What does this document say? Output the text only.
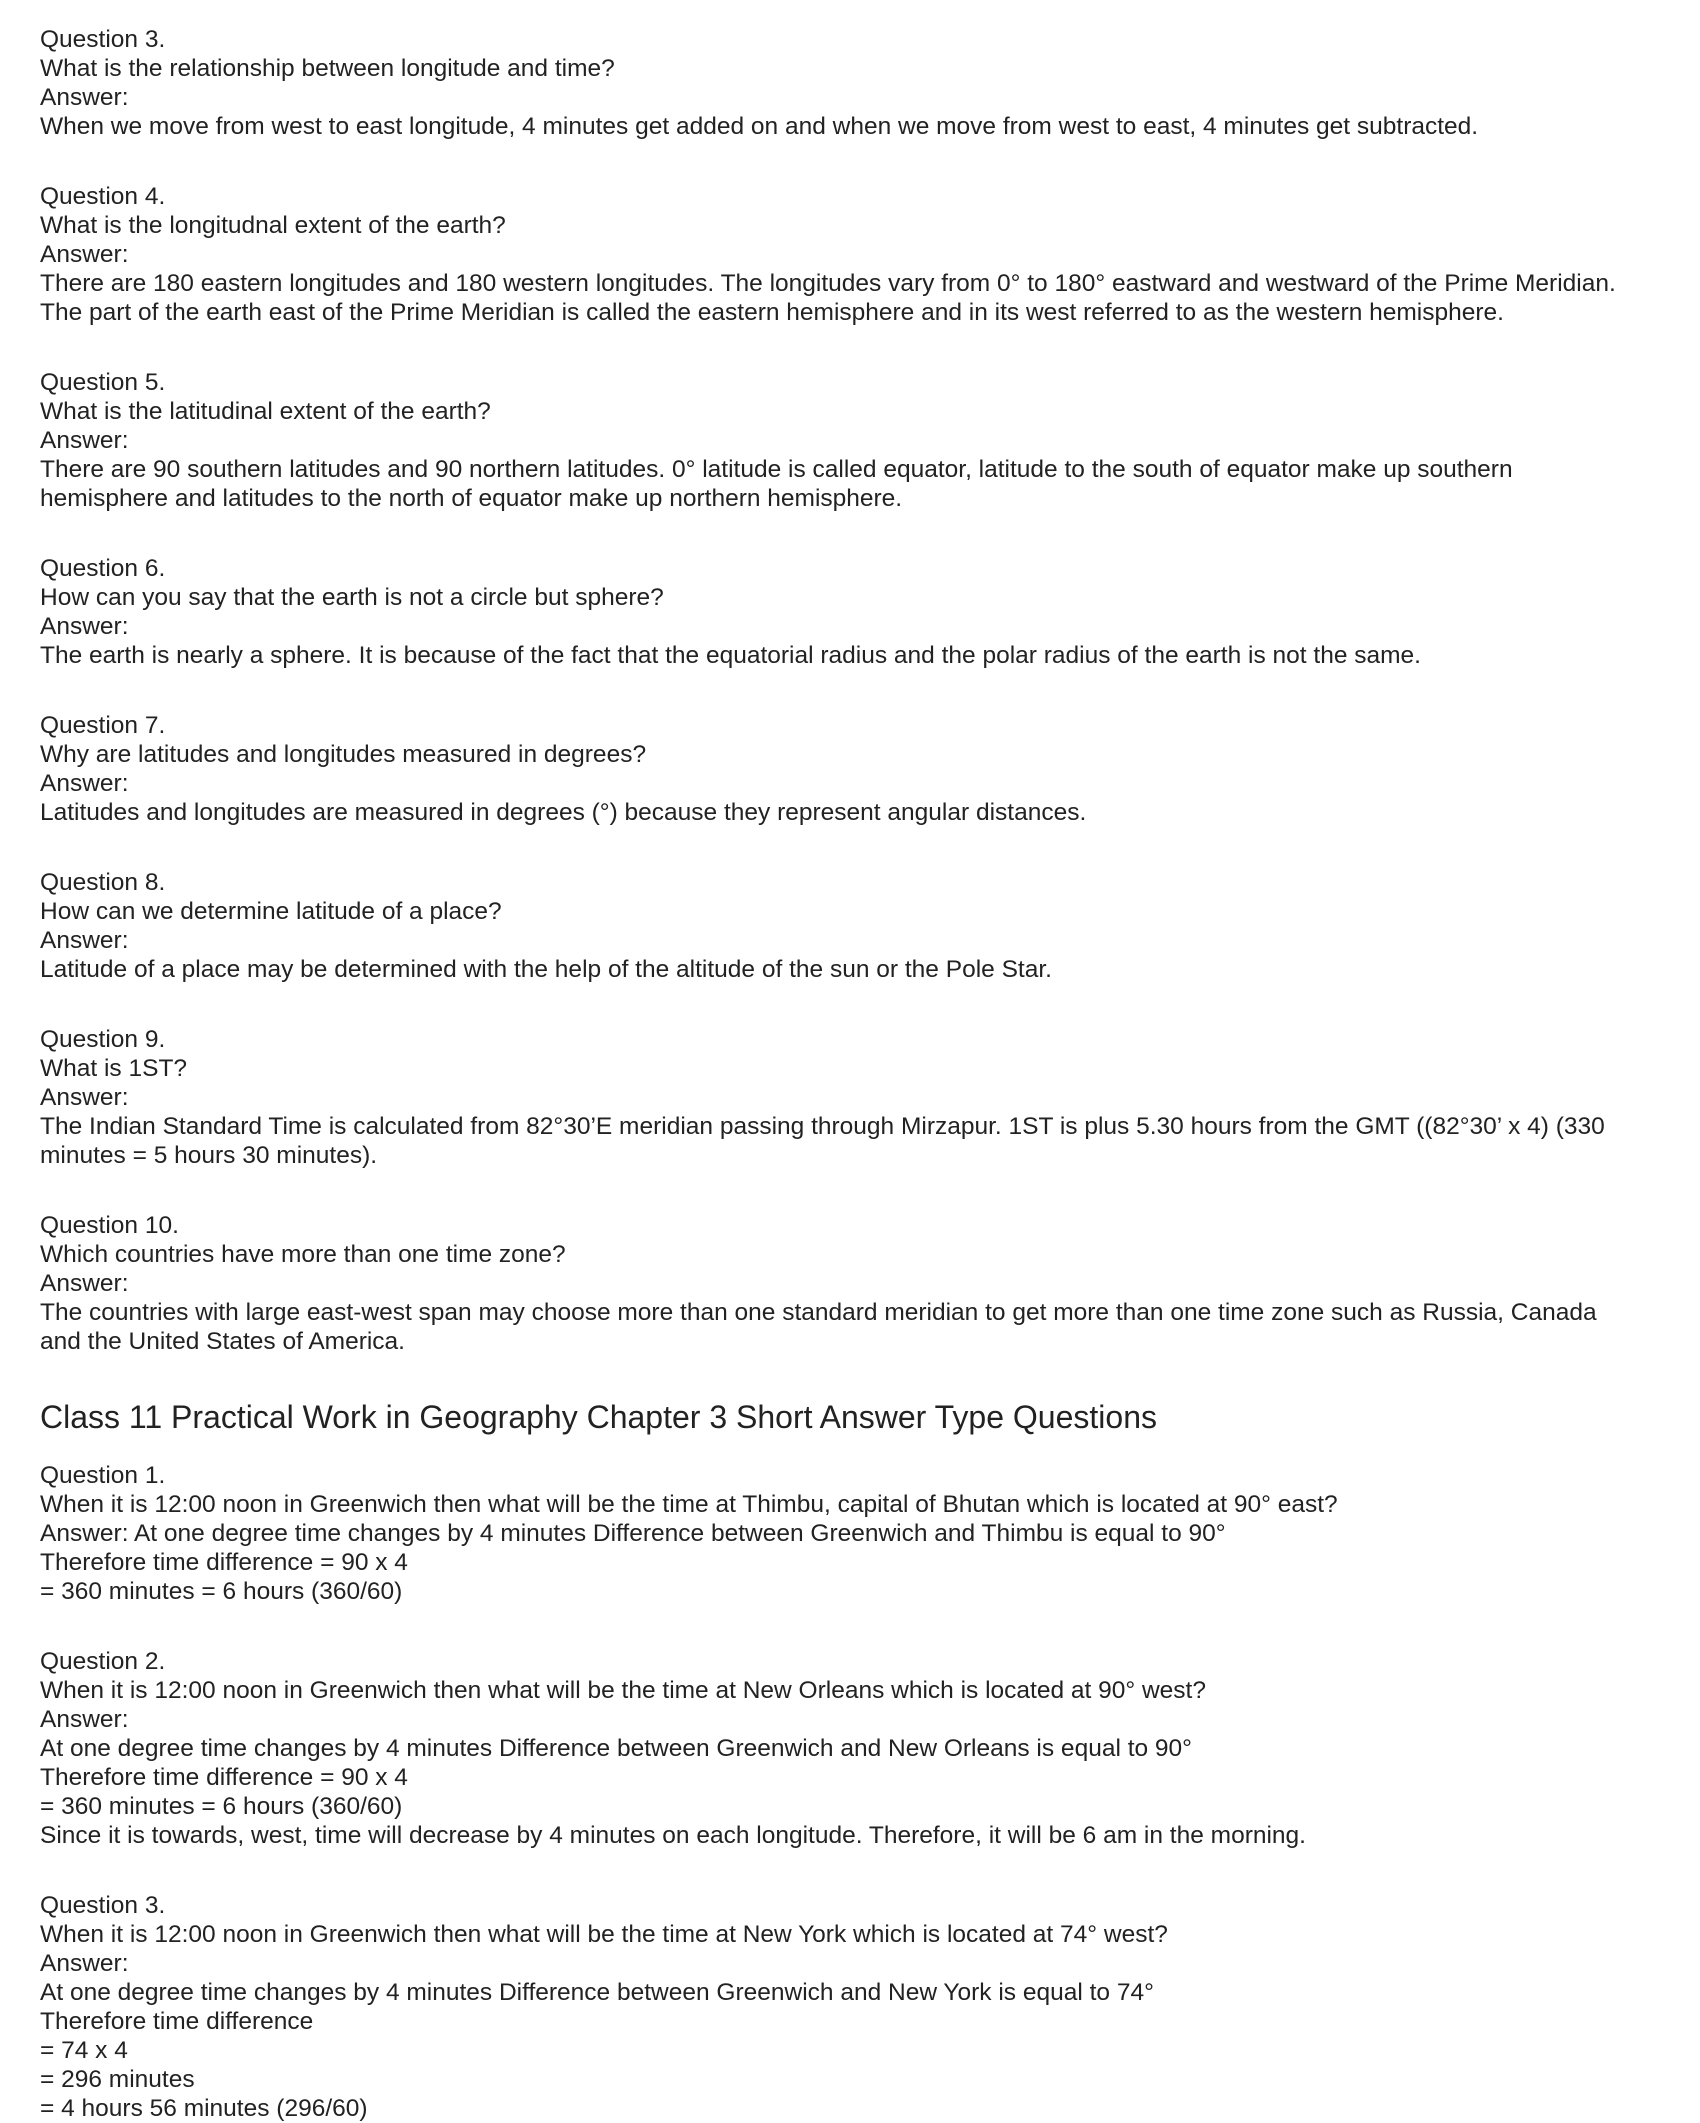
Question 3.
What is the relationship between longitude and time?
Answer:
When we move from west to east longitude, 4 minutes get added on and when we move from west to east, 4 minutes get subtracted.
Question 4.
What is the longitudnal extent of the earth?
Answer:
There are 180 eastern longitudes and 180 western longitudes. The longitudes vary from 0° to 180° eastward and westward of the Prime Meridian.
The part of the earth east of the Prime Meridian is called the eastern hemisphere and in its west referred to as the western hemisphere.
Question 5.
What is the latitudinal extent of the earth?
Answer:
There are 90 southern latitudes and 90 northern latitudes. 0° latitude is called equator, latitude to the south of equator make up southern
hemisphere and latitudes to the north of equator make up northern hemisphere.
Question 6.
How can you say that the earth is not a circle but sphere?
Answer:
The earth is nearly a sphere. It is because of the fact that the equatorial radius and the polar radius of the earth is not the same.
Question 7.
Why are latitudes and longitudes measured in degrees?
Answer:
Latitudes and longitudes are measured in degrees (°) because they represent angular distances.
Question 8.
How can we determine latitude of a place?
Answer:
Latitude of a place may be determined with the help of the altitude of the sun or the Pole Star.
Question 9.
What is 1ST?
Answer:
The Indian Standard Time is calculated from 82°30’E meridian passing through Mirzapur. 1ST is plus 5.30 hours from the GMT ((82°30’ x 4) (330
minutes = 5 hours 30 minutes).
Question 10.
Which countries have more than one time zone?
Answer:
The countries with large east-west span may choose more than one standard meridian to get more than one time zone such as Russia, Canada
and the United States of America.
Class 11 Practical Work in Geography Chapter 3 Short Answer Type Questions
Question 1.
When it is 12:00 noon in Greenwich then what will be the time at Thimbu, capital of Bhutan which is located at 90° east?
Answer: At one degree time changes by 4 minutes Difference between Greenwich and Thimbu is equal to 90°
Therefore time difference = 90 x 4
= 360 minutes = 6 hours (360/60)
Question 2.
When it is 12:00 noon in Greenwich then what will be the time at New Orleans which is located at 90° west?
Answer:
At one degree time changes by 4 minutes Difference between Greenwich and New Orleans is equal to 90°
Therefore time difference = 90 x 4
= 360 minutes = 6 hours (360/60)
Since it is towards, west, time will decrease by 4 minutes on each longitude. Therefore, it will be 6 am in the morning.
Question 3.
When it is 12:00 noon in Greenwich then what will be the time at New York which is located at 74° west?
Answer:
At one degree time changes by 4 minutes Difference between Greenwich and New York is equal to 74°
Therefore time difference
= 74 x 4
= 296 minutes
= 4 hours 56 minutes (296/60)
